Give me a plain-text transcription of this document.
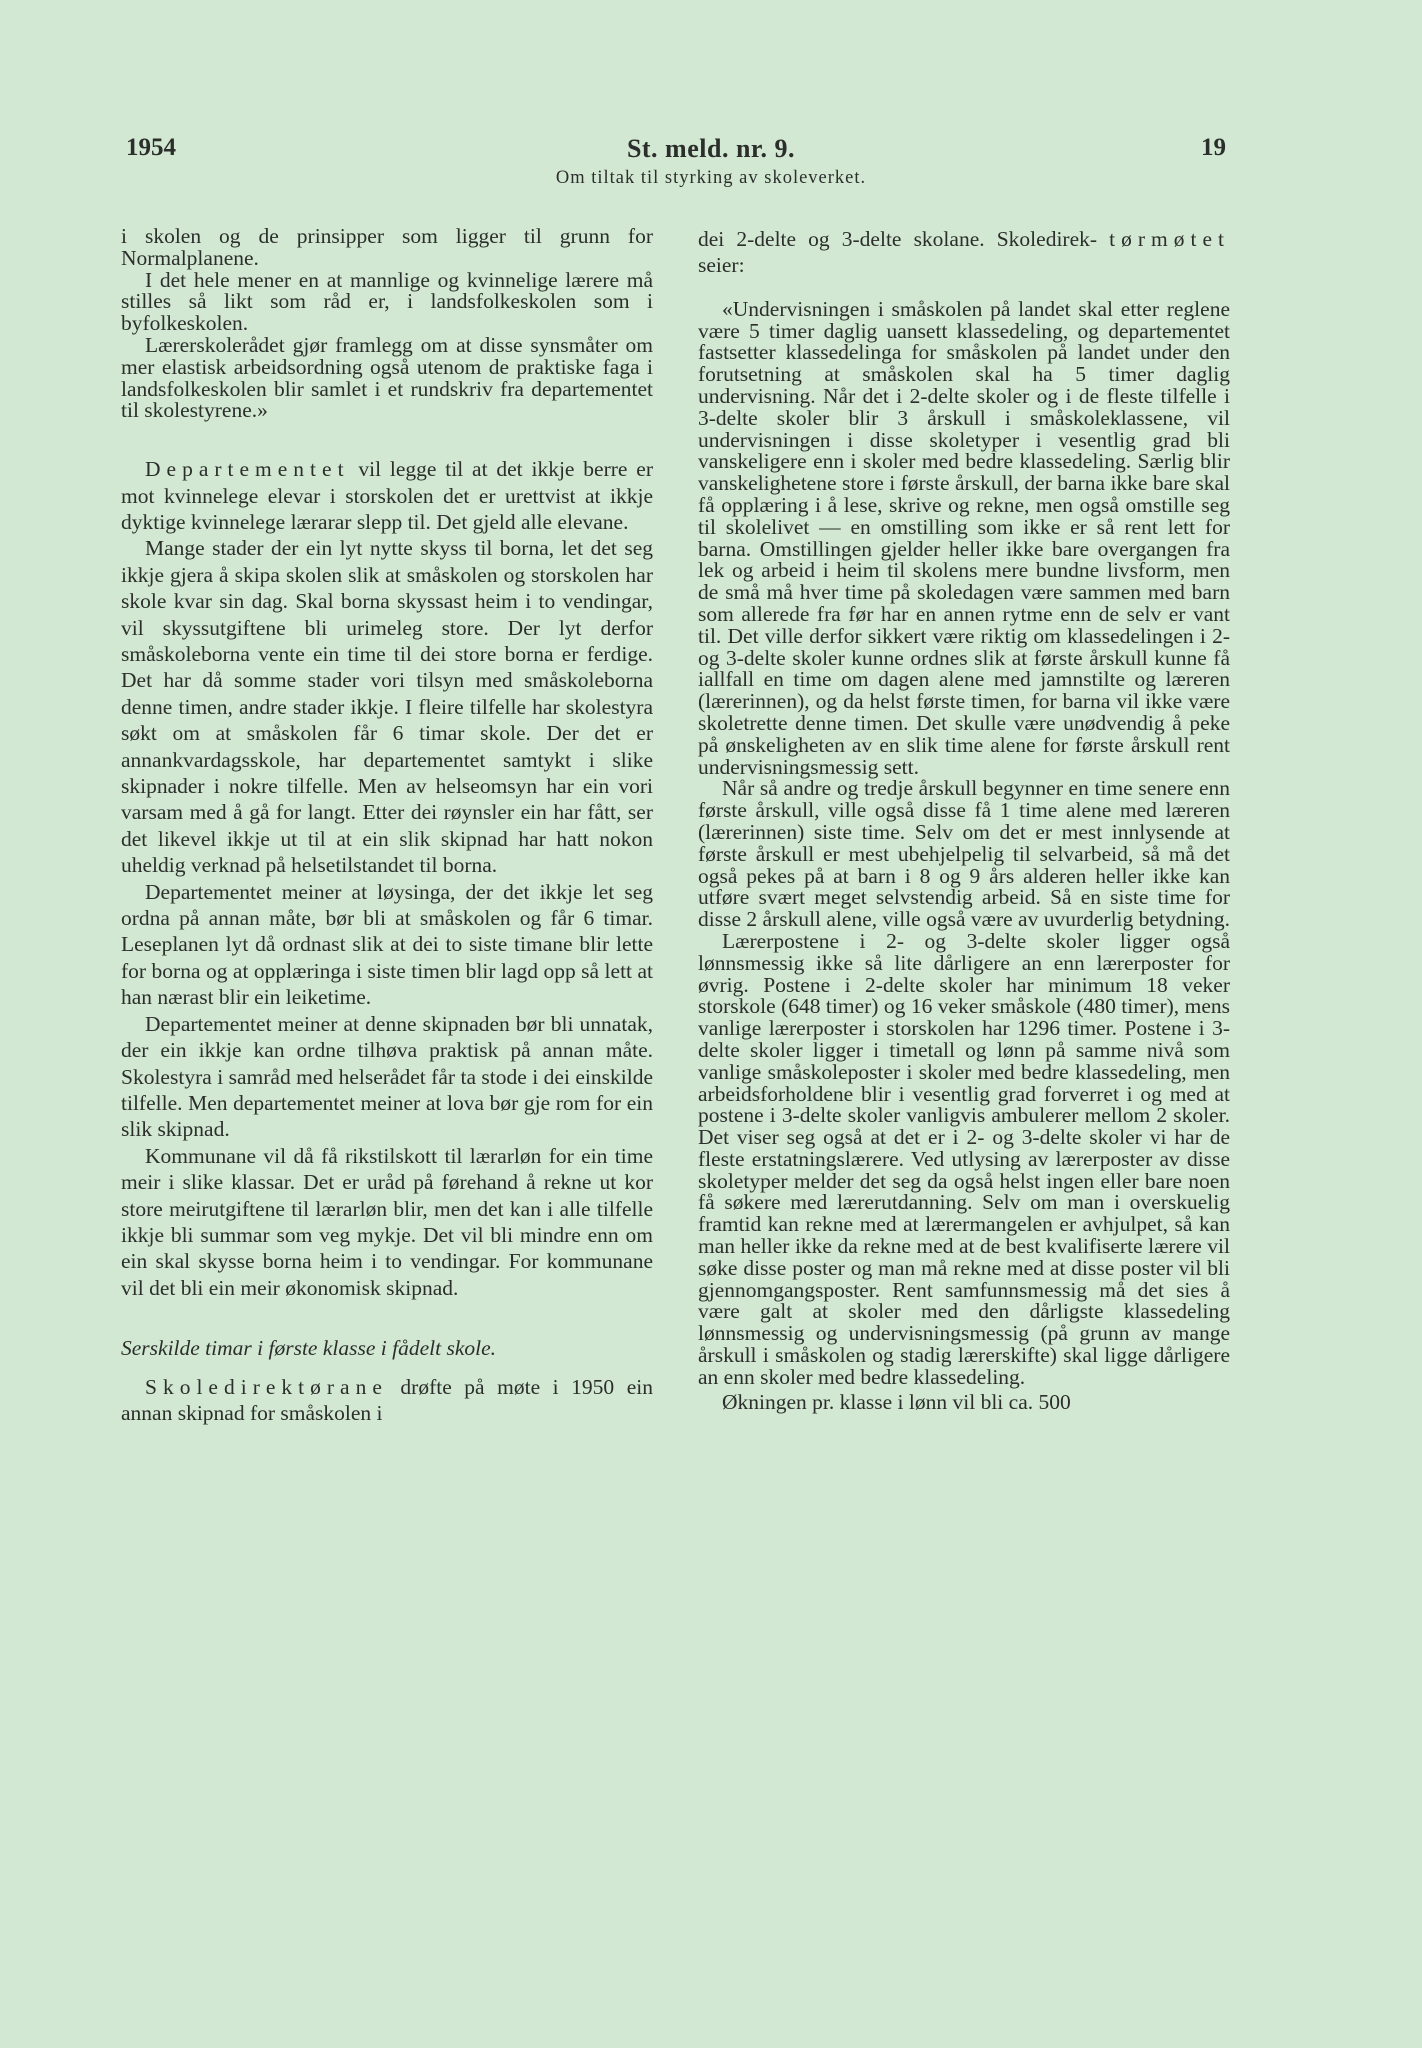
1954	St. meld. nr. 9.	19
Om tiltak til styrking av skoleverket.

i skolen og de prinsipper som ligger til grunn for Normalplanene.

I det hele mener en at mannlige og kvinnelige lærere må stilles så likt som råd er, i landsfolkeskolen som i byfolkeskolen.

Lærerskolerådet gjør framlegg om at disse synsmåter om mer elastisk arbeidsordning også utenom de praktiske faga i landsfolkeskolen blir samlet i et rundskriv fra departementet til skolestyrene.»

Departementet vil legge til at det ikkje berre er mot kvinnelege elevar i storskolen det er urettvist at ikkje dyktige kvinnelege lærarar slepp til. Det gjeld alle elevane.

Mange stader der ein lyt nytte skyss til borna, let det seg ikkje gjera å skipa skolen slik at småskolen og storskolen har skole kvar sin dag. Skal borna skyssast heim i to vendingar, vil skyssutgiftene bli urimeleg store. Der lyt derfor småskoleborna vente ein time til dei store borna er ferdige. Det har då somme stader vori tilsyn med småskoleborna denne timen, andre stader ikkje. I fleire tilfelle har skolestyra søkt om at småskolen får 6 timar skole. Der det er annankvardagsskole, har departementet samtykt i slike skipnader i nokre tilfelle. Men av helseomsyn har ein vori varsam med å gå for langt. Etter dei røynsler ein har fått, ser det likevel ikkje ut til at ein slik skipnad har hatt nokon uheldig verknad på helsetilstandet til borna.

Departementet meiner at løysinga, der det ikkje let seg ordna på annan måte, bør bli at småskolen og får 6 timar. Leseplanen lyt då ordnast slik at dei to siste timane blir lette for borna og at opplæringa i siste timen blir lagd opp så lett at han nærast blir ein leiketime.

Departementet meiner at denne skipnaden bør bli unnatak, der ein ikkje kan ordne tilhøva praktisk på annan måte. Skolestyra i samråd med helserådet får ta stode i dei einskilde tilfelle. Men departementet meiner at lova bør gje rom for ein slik skipnad.

Kommunane vil då få rikstilskott til lærarløn for ein time meir i slike klassar. Det er uråd på førehand å rekne ut kor store meirutgiftene til lærarløn blir, men det kan i alle tilfelle ikkje bli summar som veg mykje. Det vil bli mindre enn om ein skal skysse borna heim i to vendingar. For kommunane vil det bli ein meir økonomisk skipnad.

Serskilde timar i første klasse i fådelt skole.

Skoledirektørane drøfte på møte i 1950 ein annan skipnad for småskolen i

dei 2-delte og 3-delte skolane. Skoledirek- tørmøtet seier:

«Undervisningen i småskolen på landet skal etter reglene være 5 timer daglig uansett klassedeling, og departementet fastsetter klassedelinga for småskolen på landet under den forutsetning at småskolen skal ha 5 timer daglig undervisning. Når det i 2-delte skoler og i de fleste tilfelle i 3-delte skoler blir 3 årskull i småskoleklassene, vil undervisningen i disse skoletyper i vesentlig grad bli vanskeligere enn i skoler med bedre klassedeling. Særlig blir vanskelighetene store i første årskull, der barna ikke bare skal få opplæring i å lese, skrive og rekne, men også omstille seg til skolelivet — en omstilling som ikke er så rent lett for barna. Omstillingen gjelder heller ikke bare overgangen fra lek og arbeid i heim til skolens mere bundne livsform, men de små må hver time på skoledagen være sammen med barn som allerede fra før har en annen rytme enn de selv er vant til. Det ville derfor sikkert være riktig om klassedelingen i 2- og 3-delte skoler kunne ordnes slik at første årskull kunne få iallfall en time om dagen alene med jamnstilte og læreren (lærerinnen), og da helst første timen, for barna vil ikke være skoletrette denne timen. Det skulle være unødvendig å peke på ønskeligheten av en slik time alene for første årskull rent undervisningsmessig sett.

Når så andre og tredje årskull begynner en time senere enn første årskull, ville også disse få 1 time alene med læreren (lærerinnen) siste time. Selv om det er mest innlysende at første årskull er mest ubehjelpelig til selvarbeid, så må det også pekes på at barn i 8 og 9 års alderen heller ikke kan utføre svært meget selvstendig arbeid. Så en siste time for disse 2 årskull alene, ville også være av uvurderlig betydning.

Lærerpostene i 2- og 3-delte skoler ligger også lønnsmessig ikke så lite dårligere an enn lærerposter for øvrig. Postene i 2-delte skoler har minimum 18 veker storskole (648 timer) og 16 veker småskole (480 timer), mens vanlige lærerposter i storskolen har 1296 timer. Postene i 3-delte skoler ligger i timetall og lønn på samme nivå som vanlige småskoleposter i skoler med bedre klassedeling, men arbeidsforholdene blir i vesentlig grad forverret i og med at postene i 3-delte skoler vanligvis ambulerer mellom 2 skoler. Det viser seg også at det er i 2- og 3-delte skoler vi har de fleste erstatningslærere. Ved utlysing av lærerposter av disse skoletyper melder det seg da også helst ingen eller bare noen få søkere med lærerutdanning. Selv om man i overskuelig framtid kan rekne med at lærermangelen er avhjulpet, så kan man heller ikke da rekne med at de best kvalifiserte lærere vil søke disse poster og man må rekne med at disse poster vil bli gjennomgangsposter. Rent samfunnsmessig må det sies å være galt at skoler med den dårligste klassedeling lønnsmessig og undervisningsmessig (på grunn av mange årskull i småskolen og stadig lærerskifte) skal ligge dårligere an enn skoler med bedre klassedeling.

Økningen pr. klasse i lønn vil bli ca. 500
